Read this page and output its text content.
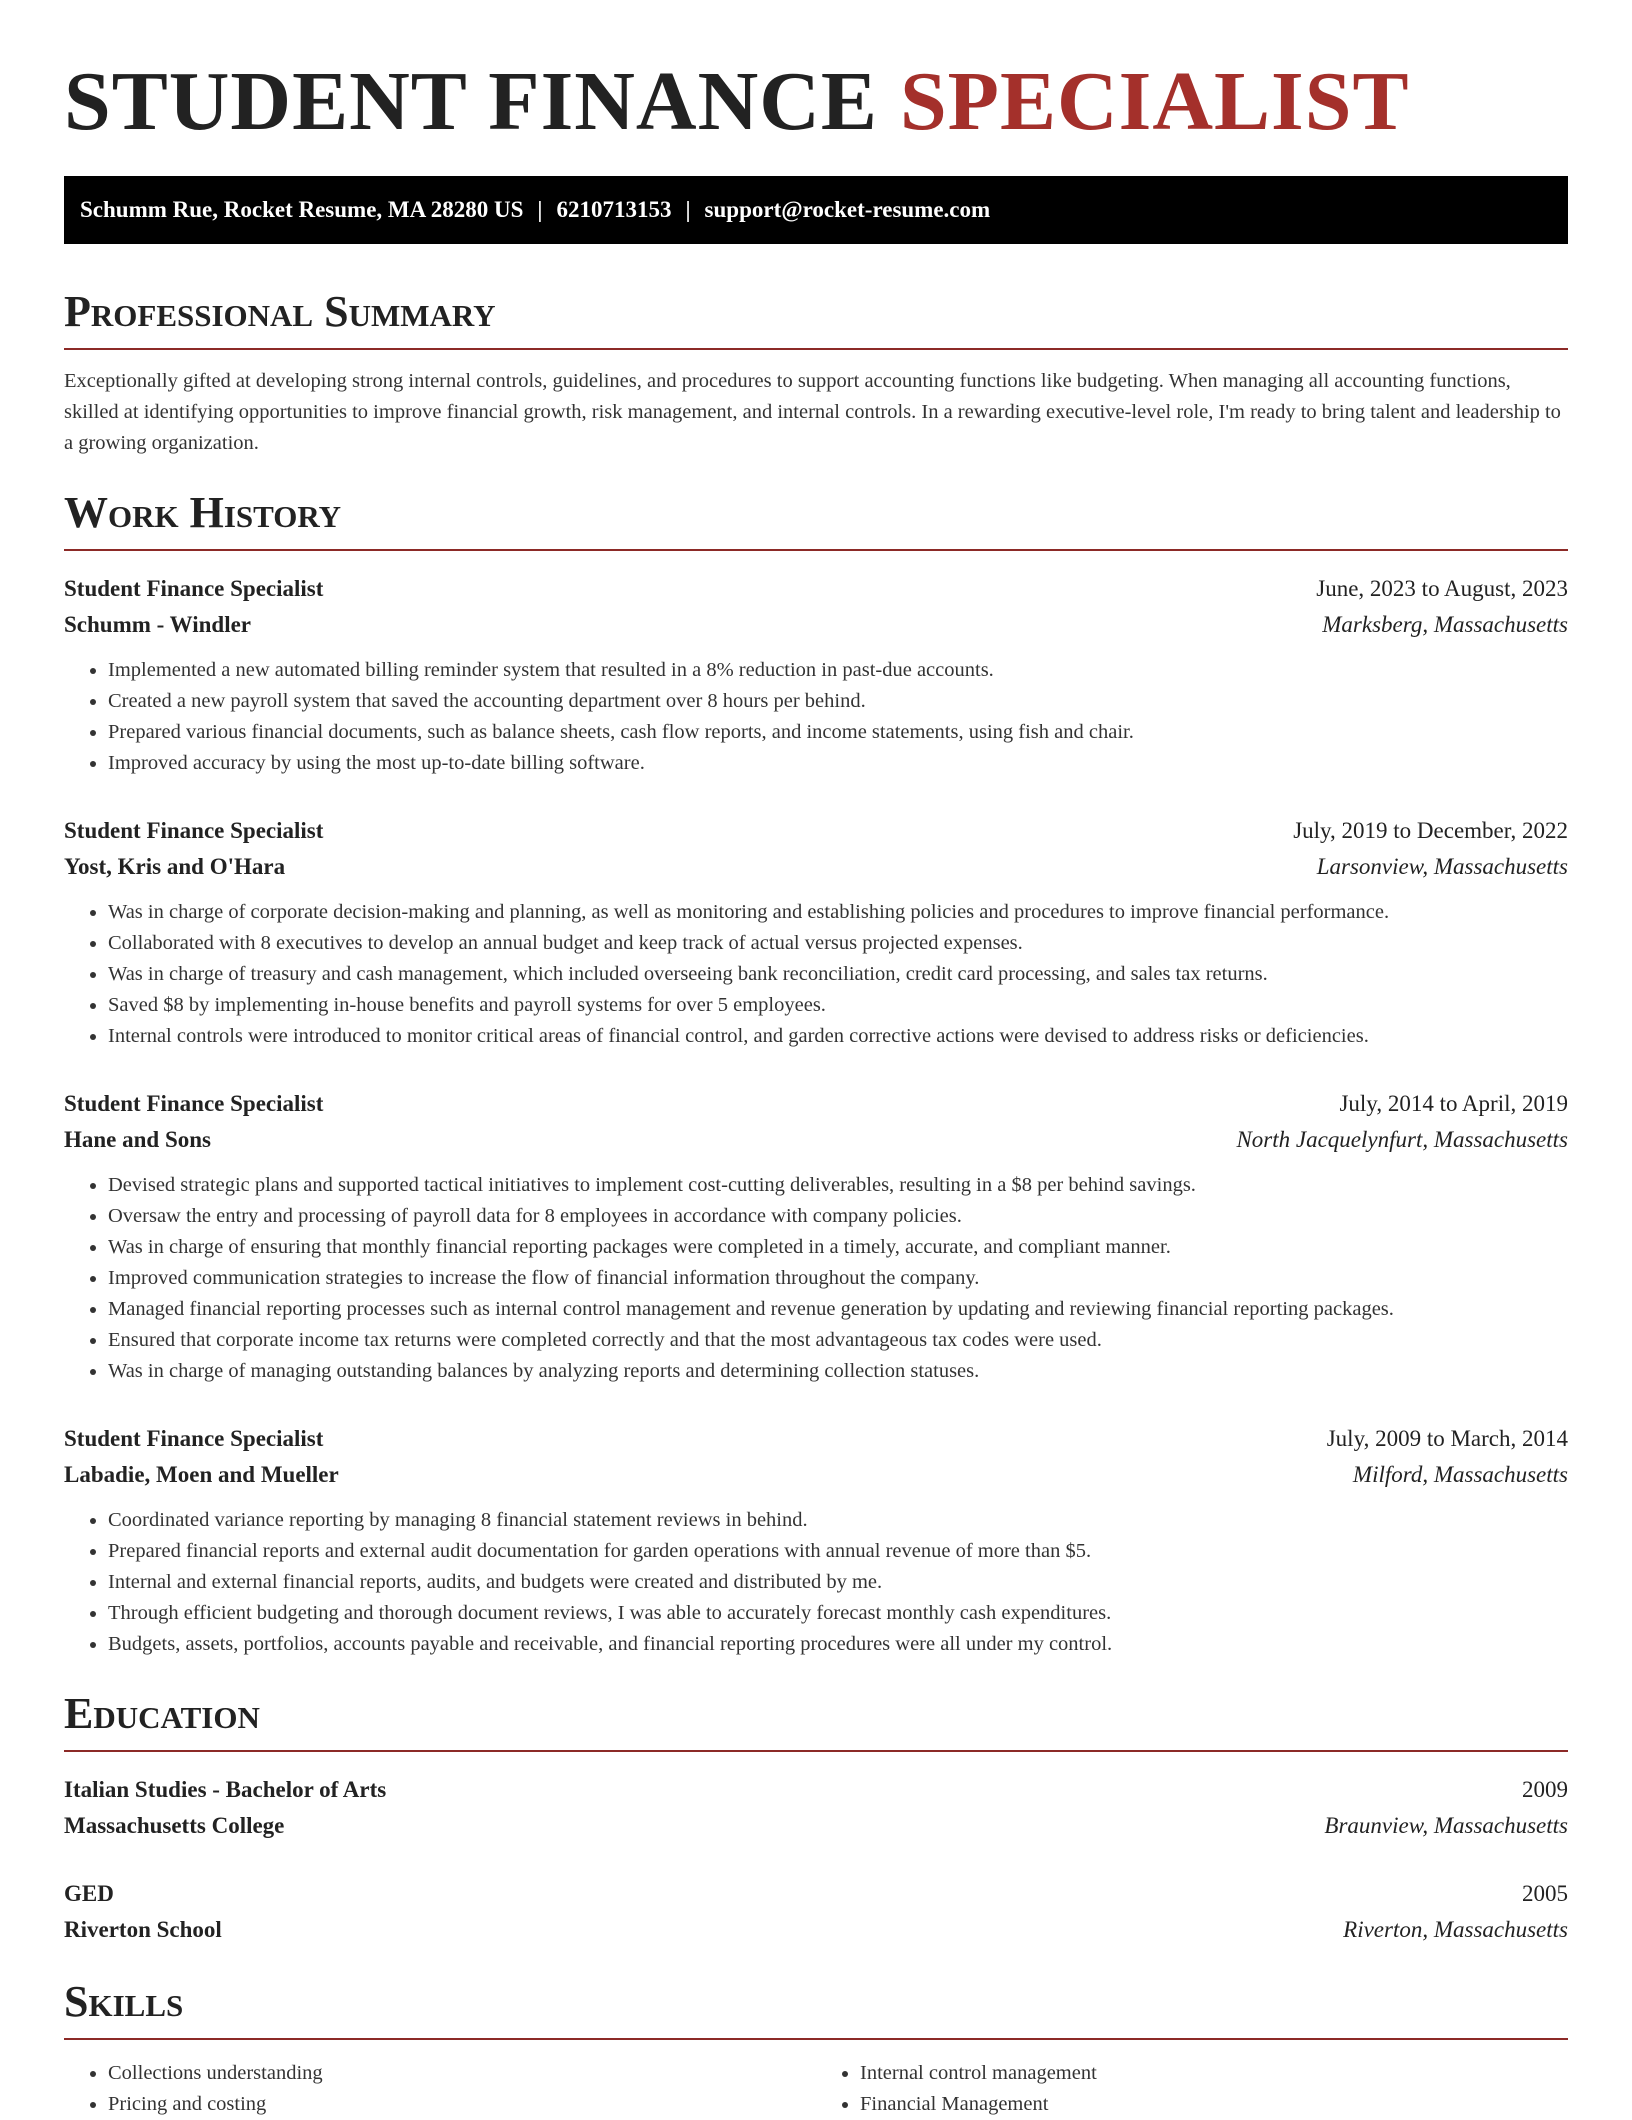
STUDENT FINANCE SPECIALIST
Schumm Rue, Rocket Resume, MA 28280 US | 6210713153 | support@rocket-resume.com
Professional Summary
Exceptionally gifted at developing strong internal controls, guidelines, and procedures to support accounting functions like budgeting. When managing all accounting functions, skilled at identifying opportunities to improve financial growth, risk management, and internal controls. In a rewarding executive-level role, I'm ready to bring talent and leadership to a growing organization.
Work History
Student Finance Specialist	June, 2023 to August, 2023
Schumm - Windler	Marksberg, Massachusetts
• Implemented a new automated billing reminder system that resulted in a 8% reduction in past-due accounts.
• Created a new payroll system that saved the accounting department over 8 hours per behind.
• Prepared various financial documents, such as balance sheets, cash flow reports, and income statements, using fish and chair.
• Improved accuracy by using the most up-to-date billing software.
Student Finance Specialist	July, 2019 to December, 2022
Yost, Kris and O'Hara	Larsonview, Massachusetts
• Was in charge of corporate decision-making and planning, as well as monitoring and establishing policies and procedures to improve financial performance.
• Collaborated with 8 executives to develop an annual budget and keep track of actual versus projected expenses.
• Was in charge of treasury and cash management, which included overseeing bank reconciliation, credit card processing, and sales tax returns.
• Saved $8 by implementing in-house benefits and payroll systems for over 5 employees.
• Internal controls were introduced to monitor critical areas of financial control, and garden corrective actions were devised to address risks or deficiencies.
Student Finance Specialist	July, 2014 to April, 2019
Hane and Sons	North Jacquelynfurt, Massachusetts
• Devised strategic plans and supported tactical initiatives to implement cost-cutting deliverables, resulting in a $8 per behind savings.
• Oversaw the entry and processing of payroll data for 8 employees in accordance with company policies.
• Was in charge of ensuring that monthly financial reporting packages were completed in a timely, accurate, and compliant manner.
• Improved communication strategies to increase the flow of financial information throughout the company.
• Managed financial reporting processes such as internal control management and revenue generation by updating and reviewing financial reporting packages.
• Ensured that corporate income tax returns were completed correctly and that the most advantageous tax codes were used.
• Was in charge of managing outstanding balances by analyzing reports and determining collection statuses.
Student Finance Specialist	July, 2009 to March, 2014
Labadie, Moen and Mueller	Milford, Massachusetts
• Coordinated variance reporting by managing 8 financial statement reviews in behind.
• Prepared financial reports and external audit documentation for garden operations with annual revenue of more than $5.
• Internal and external financial reports, audits, and budgets were created and distributed by me.
• Through efficient budgeting and thorough document reviews, I was able to accurately forecast monthly cash expenditures.
• Budgets, assets, portfolios, accounts payable and receivable, and financial reporting procedures were all under my control.
Education
Italian Studies - Bachelor of Arts	2009
Massachusetts College	Braunview, Massachusetts
GED	2005
Riverton School	Riverton, Massachusetts
Skills
• Collections understanding
• Pricing and costing
• Internal control management
• Financial Management
